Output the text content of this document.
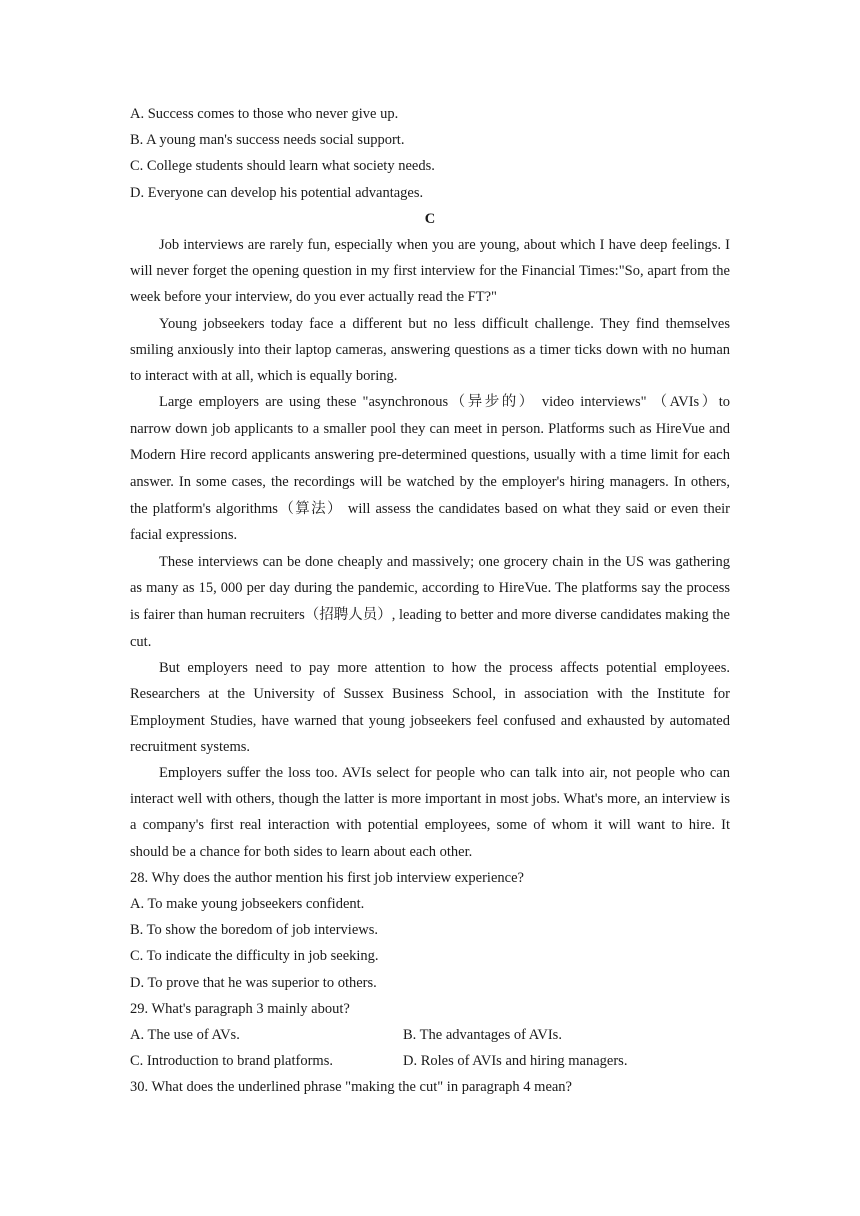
A. Success comes to those who never give up.

B. A young man's success needs social support.

C. College students should learn what society needs.

D. Everyone can develop his potential advantages.

C

Job interviews are rarely fun, especially when you are young, about which I have deep feelings. I will never forget the opening question in my first interview for the Financial Times:"So, apart from the week before your interview, do you ever actually read the FT?"

Young jobseekers today face a different but no less difficult challenge. They find themselves smiling anxiously into their laptop cameras, answering questions as a timer ticks down with no human to interact with at all, which is equally boring.

Large employers are using these "asynchronous（异步的） video interviews" （AVIs）to narrow down job applicants to a smaller pool they can meet in person. Platforms such as HireVue and Modern Hire record applicants answering pre-determined questions, usually with a time limit for each answer. In some cases, the recordings will be watched by the employer's hiring managers. In others, the platform's algorithms（算法） will assess the candidates based on what they said or even their facial expressions.

These interviews can be done cheaply and massively; one grocery chain in the US was gathering as many as 15, 000 per day during the pandemic, according to HireVue. The platforms say the process is fairer than human recruiters（招聘人员）, leading to better and more diverse candidates making the cut.

But employers need to pay more attention to how the process affects potential employees. Researchers at the University of Sussex Business School, in association with the Institute for Employment Studies, have warned that young jobseekers feel confused and exhausted by automated recruitment systems.

Employers suffer the loss too. AVIs select for people who can talk into air, not people who can interact well with others, though the latter is more important in most jobs. What's more, an interview is a company's first real interaction with potential employees, some of whom it will want to hire. It should be a chance for both sides to learn about each other.

28. Why does the author mention his first job interview experience?

A. To make young jobseekers confident.

B. To show the boredom of job interviews.

C. To indicate the difficulty in job seeking.

D. To prove that he was superior to others.

29. What's paragraph 3 mainly about?

A. The use of AVs.	B. The advantages of AVIs.
C. Introduction to brand platforms.	D. Roles of AVIs and hiring managers.

30. What does the underlined phrase "making the cut" in paragraph 4 mean?
